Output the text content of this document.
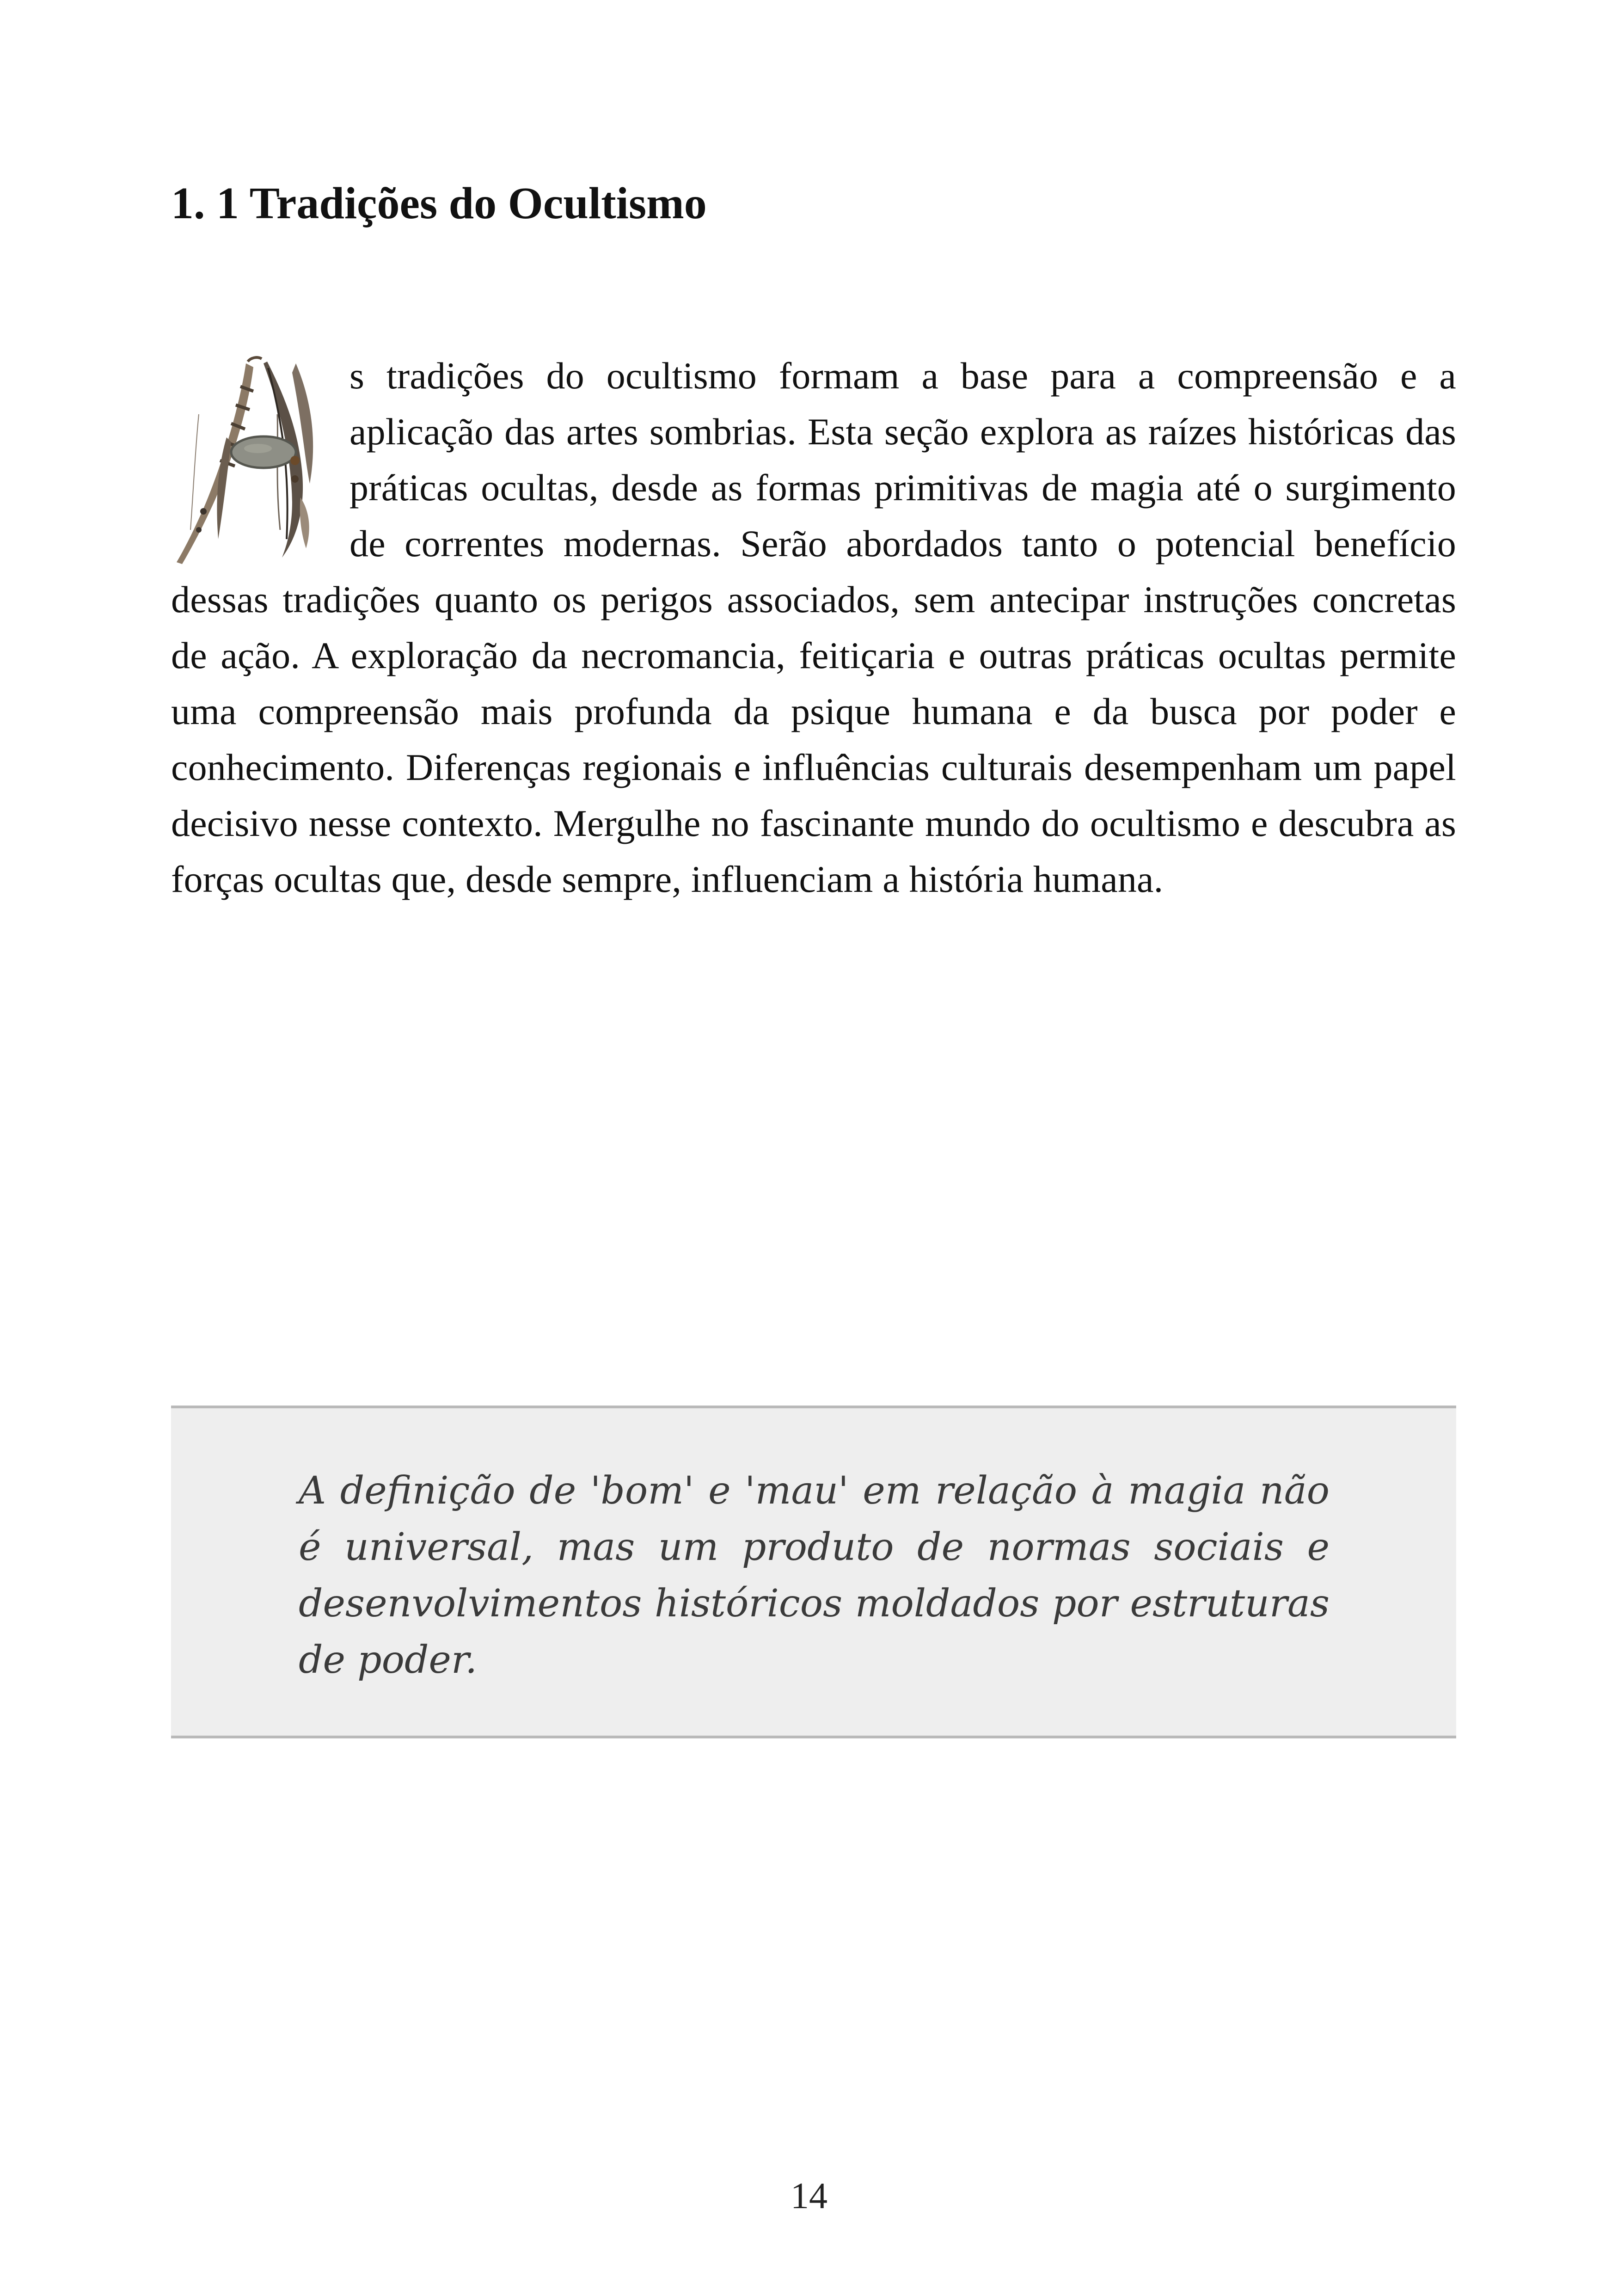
1. 1 Tradições do Ocultismo

s tradições do ocultismo formam a base para a compreensão e a aplicação das artes sombrias. Esta seção explora as raízes históricas das práticas ocultas, desde as formas primitivas de magia até o surgimento de correntes modernas. Serão abordados tanto o potencial benefício dessas tradições quanto os perigos associados, sem antecipar instruções concretas de ação. A exploração da necromancia, feitiçaria e outras práticas ocultas permite uma compreensão mais profunda da psique humana e da busca por poder e conhecimento. Diferenças regionais e influências culturais desempenham um papel decisivo nesse contexto. Mergulhe no fascinante mundo do ocultismo e descubra as forças ocultas que, desde sempre, influenciam a história humana.

A definição de 'bom' e 'mau' em relação à magia não é universal, mas um produto de normas sociais e desenvolvimentos históricos moldados por estruturas de poder.

14
